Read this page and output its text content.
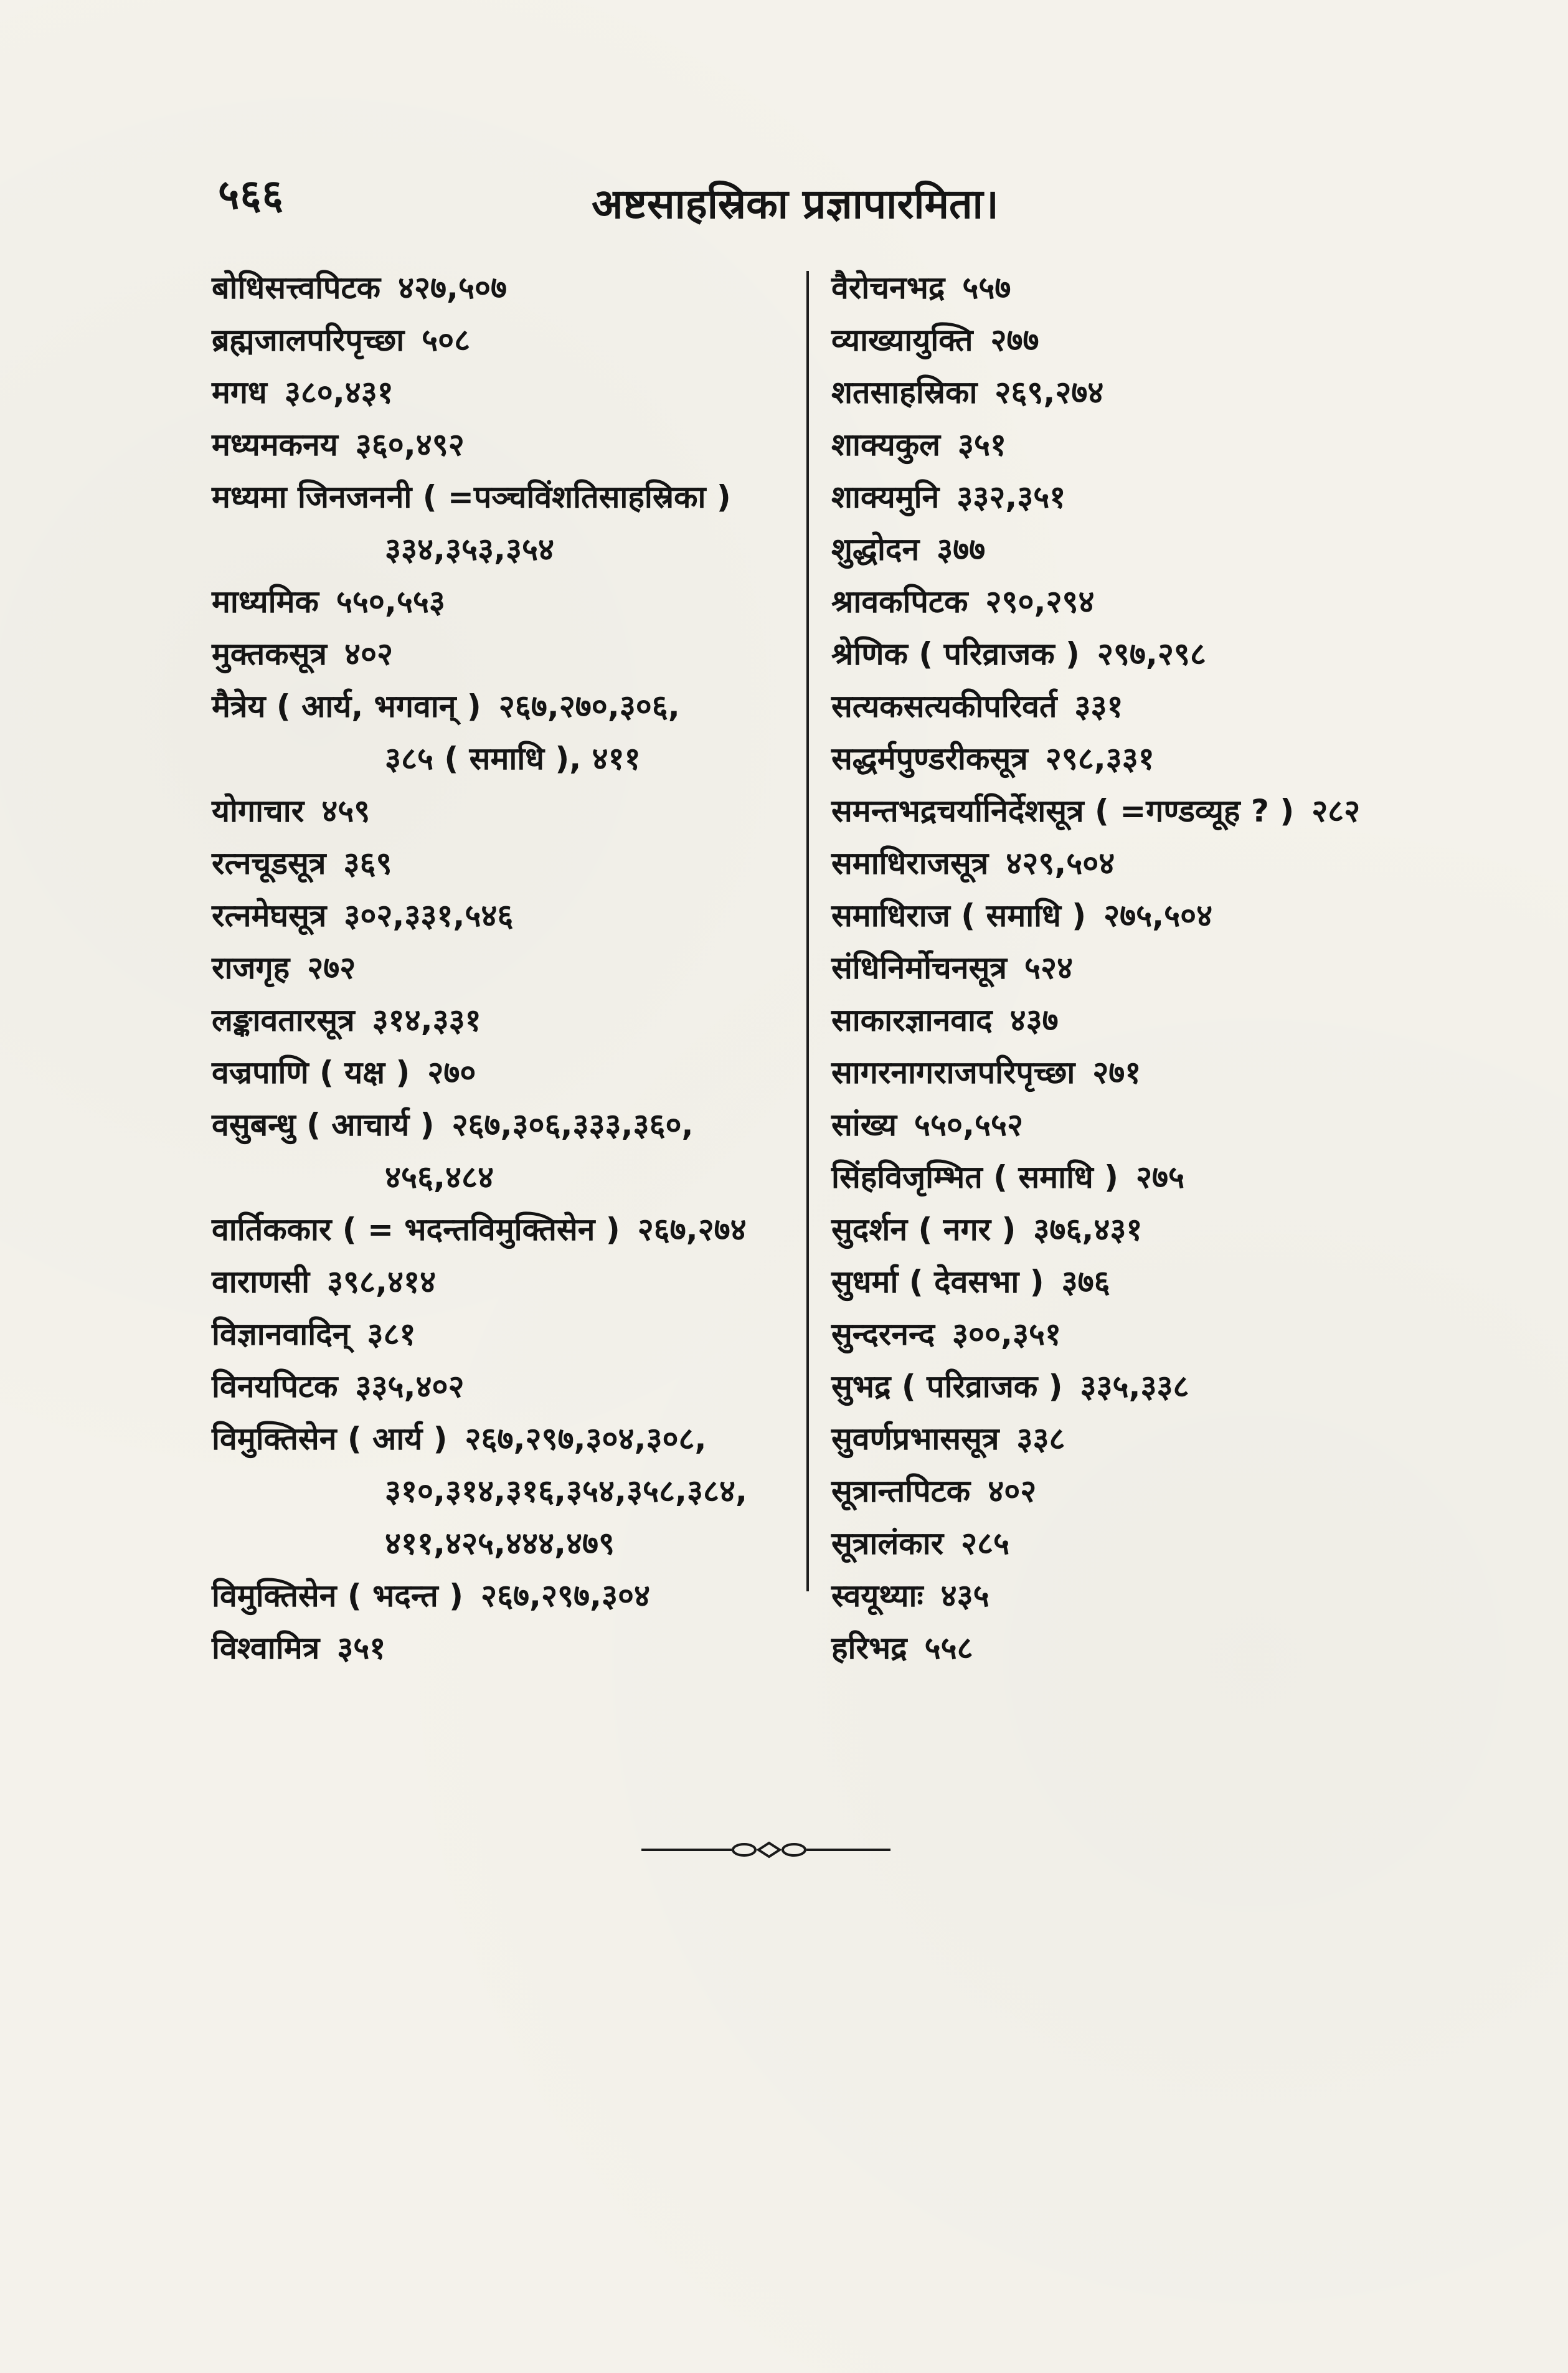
५६६	अष्टसाहस्रिका प्रज्ञापारमिता।
बोधिसत्त्वपिटक ४२७,५०७
ब्रह्मजालपरिपृच्छा ५०८
मगध ३८०,४३१
मध्यमकनय ३६०,४९२
मध्यमा जिनजननी ( =पञ्चविंशतिसाहस्रिका )
३३४,३५३,३५४
माध्यमिक ५५०,५५३
मुक्तकसूत्र ४०२
मैत्रेय ( आर्य, भगवान् ) २६७,२७०,३०६,
३८५ ( समाधि ), ४११
योगाचार ४५९
रत्नचूडसूत्र ३६९
रत्नमेघसूत्र ३०२,३३१,५४६
राजगृह २७२
लङ्कावतारसूत्र ३१४,३३१
वज्रपाणि ( यक्ष ) २७०
वसुबन्धु ( आचार्य ) २६७,३०६,३३३,३६०,
४५६,४८४
वार्तिककार ( = भदन्तविमुक्तिसेन ) २६७,२७४
वाराणसी ३९८,४१४
विज्ञानवादिन् ३८१
विनयपिटक ३३५,४०२
विमुक्तिसेन ( आर्य ) २६७,२९७,३०४,३०८,
३१०,३१४,३१६,३५४,३५८,३८४,
४११,४२५,४४४,४७९
विमुक्तिसेन ( भदन्त ) २६७,२९७,३०४
विश्वामित्र ३५१
वैरोचनभद्र ५५७
व्याख्यायुक्ति २७७
शतसाहस्रिका २६९,२७४
शाक्यकुल ३५१
शाक्यमुनि ३३२,३५१
शुद्धोदन ३७७
श्रावकपिटक २९०,२९४
श्रेणिक ( परिव्राजक ) २९७,२९८
सत्यकसत्यकीपरिवर्त ३३१
सद्धर्मपुण्डरीकसूत्र २९८,३३१
समन्तभद्रचर्यानिर्देशसूत्र ( =गण्डव्यूह ? ) २८२
समाधिराजसूत्र ४२९,५०४
समाधिराज ( समाधि ) २७५,५०४
संधिनिर्मोचनसूत्र ५२४
साकारज्ञानवाद ४३७
सागरनागराजपरिपृच्छा २७१
सांख्य ५५०,५५२
सिंहविजृम्भित ( समाधि ) २७५
सुदर्शन ( नगर ) ३७६,४३१
सुधर्मा ( देवसभा ) ३७६
सुन्दरनन्द ३००,३५१
सुभद्र ( परिव्राजक ) ३३५,३३८
सुवर्णप्रभाससूत्र ३३८
सूत्रान्तपिटक ४०२
सूत्रालंकार २८५
स्वयूथ्याः ४३५
हरिभद्र ५५८
